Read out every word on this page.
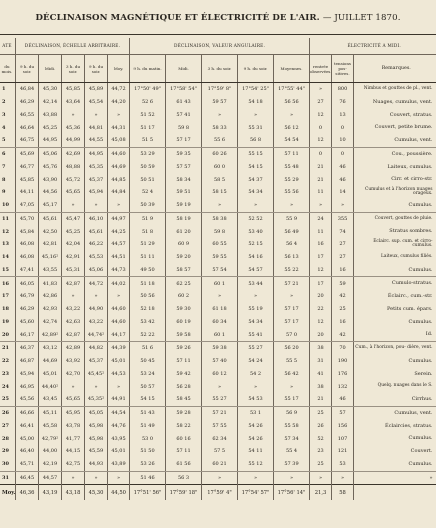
DÉCLINAISON MAGNÉTIQUE ET ÉLECTRICITÉ DE L'AIR. — JUILLET 1870.
ATE	DÉCLINAISON, ÉCHELLE ARBITRAIRE.					DÉCLINAISON, VALEUR ANGULAIRE.					ÉLECTRICITÉ A MIDI.		
du mois.	9 h. du soir.	Midi.	3 h. du soir.	9 h. du soir.	Moy.	9 h. du matin.	Midi.	3 h. du soir.	9 h. du soir.	Moyennes.	rentrée observées.	tensions pos- sitives.	Remarques.
1	46,84	45,30	45,85	45,89	44,72	17°50' 49"	17°58' 54"	17°59' 8"	17°54' 25"	17°55' 44"	»	800	Nimbus et gouttes de pl., vent.
2	46,29	42,14	43,64	45,54	44,20	52 6	61 43	59 57	54 18	56 56	27	76	Nuages, cumulus, vent.
3	46,55	43,88	»	»	»	51 52	57 41	»	»	»	12	13	Couvert, stratus.
4	46,64	45,25	45,36	44,81	44,31	51 17	59 8	58 33	55 31	56 12	0	0	Couvert, petite brume.
5	46,75	44,95	44,99	44,55	45,08	51 5	57 17	55 6	56 8	54 54	12	10	Cumulus, vent.
6	45,69	45,06	42,69	44,95	44,60	53 29	59 35	60 26	55 15	57 11	0	0	Cou., poussière.
7	46,77	45,76	48,88	45,35	44,69	50 59	57 57	60 0	54 15	55 48	21	46	Laiteux, cumulus.
8	45,85	43,90	45,72	45,37	44,85	50 51	58 34	58 5	54 37	55 29	21	46	Cirr. et cirro-str.
9	44,11	44,56	45,65	45,94	44,84	52 4	59 51	58 15	54 34	55 56	11	14	Cumulus et à l'horizon nuages orageux.
10	47,05	45,17	»	»	»	50 39	59 19	»	»	»	»	»	Cumulus.
11	45,70	45,61	45,47	46,10	44,97	51 9	58 19	58 38	52 52	55 9	24	355	Couvert, gouttes de pluie.
12	45,84	42,50	45,25	45,61	44,25	51 8	61 20	59 8	53 40	56 49	11	74	Stratus sombres.
13	46,08	42,81	42,04	46,22	44,57	51 29	60 9	60 55	52 15	56 4	16	27	Éclairc. sup. cum. et cirro-cumulus.
14	46,08	45,16²	42,91	45,53	44,51	51 11	59 20	59 55	54 16	56 13	17	27	Laiteux, cumulus filiés.
15	47,41	43,55	45,31	45,06	44,73	49 50	58 57	57 54	54 57	55 22	12	16	Cumulus.
16	46,05	41,83	42,87	44,72	44,02	51 18	62 25	60 1	53 44	57 21	17	59	Cumulo-stratus.
17	46,79	42,86	»	»	»	50 56	60 2	»	»	»	20	42	Éclairc., cum.-str.
18	46,29	42,93	43,22	44,90	44,60	52 18	59 30	61 18	55 19	57 17	22	25	Petits cum. épars.
19	45,60	42,74	42,63	43,22	44,60	53 42	60 19	60 34	54 34	57 17	12	16	Cumulus.
20	46,17	42,89²	42,87	44,74²	44,17	52 22	59 58	60 1	55 41	57 0	20	42	Id.
21	46,37	43,12	42,89	44,82	44,39	51 6	59 26	59 38	55 27	56 20	38	70	Cum., à l'horizon, pou- dière, vent.
22	46,87	44,69	43,92	45,37	45,01	50 45	57 11	57 40	54 24	55 5	31	190	Cumulus.
23	45,94	45,01	42,70	45,45²	44,53	53 24	59 42	60 12	54 2	56 42	41	176	Serein.
24	46,95	44,40²	»	»	»	50 57	56 28	»	»	»	38	132	Quelq. nuages dans le S.
25	45,56	43,45	45,65	45,35²	44,91	54 15	58 45	55 27	54 53	55 17	21	46	Cirrhus.
26	46,66	45,11	45,95	45,05	44,54	51 43	59 28	57 21	53 1	56 9	25	57	Cumulus, vent.
27	46,41	45,58	43,78	45,98	44,76	51 49	58 22	57 55	54 26	55 58	26	156	Éclaircies, stratus.
28	45,00	42,79²	41,77	45,98	43,95	53 0	60 16	62 34	54 26	57 34	52	107	Cumulus.
29	46,40	44,00	44,15	45,59	45,01	51 50	57 11	57 5	54 11	55 4	23	121	Couvert.
30	45,71	42,19	42,75	44,93	43,89	53 26	61 56	60 21	55 12	57 39	25	53	Cumulus.
31	46,45	44,57	»	»	»	51 46	56 3	»	»	»	»	»	»
Moy.	46,36	43,19	43,18	45,30	44,50	17°51' 56"	17°59' 18"	17°59' 4"	17°54' 57"	17°56' 14"	21,3	58	
